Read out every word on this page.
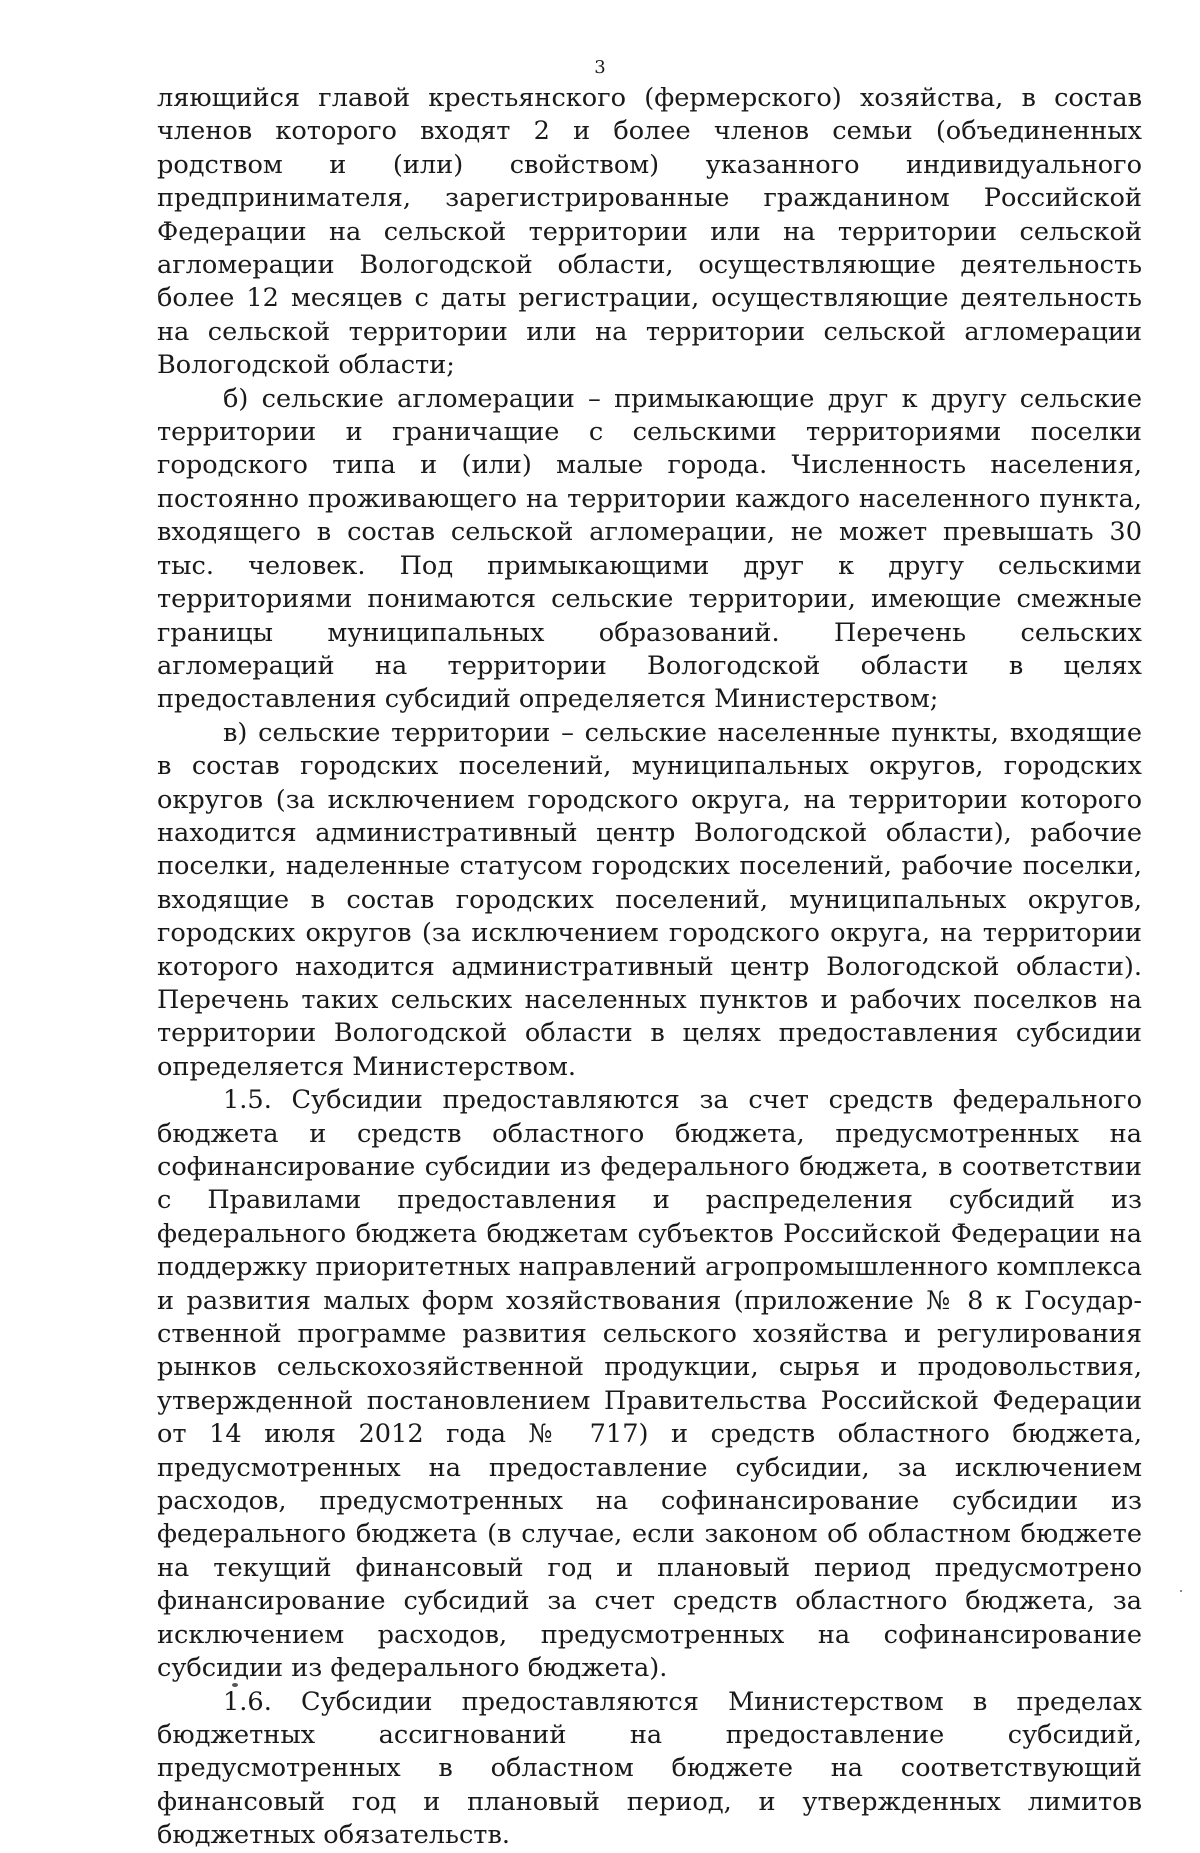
3

ляющийся главой крестьянского (фермерского) хозяйства, в состав членов которого входят 2 и более членов семьи (объединенных родством и (или) свойством) указанного индивидуального предпринимателя, зарегистрированные гражданином Российской Федерации на сельской территории или на территории сельской агломерации Вологодской области, осуществляющие деятельность более 12 месяцев с даты регистрации, осуществляющие деятельность на сельской территории или на территории сельской агломерации Вологодской области;

б) сельские агломерации – примыкающие друг к другу сельские территории и граничащие с сельскими территориями поселки городского типа и (или) малые города. Численность населения, постоянно проживающего на территории каждого населенного пункта, входящего в состав сельской агломерации, не может превышать 30 тыс. человек. Под примыкающими друг к другу сельскими территориями понимаются сельские территории, имеющие смежные границы муниципальных образований. Перечень сельских агломераций на территории Вологодской области в целях предоставления субсидий определяется Министерством;

в) сельские территории – сельские населенные пункты, входящие в состав городских поселений, муниципальных округов, городских округов (за исключением городского округа, на территории которого находится административный центр Вологодской области), рабочие поселки, наделенные статусом городских поселений, рабочие поселки, входящие в состав городских поселений, муниципальных округов, городских округов (за исключением городского округа, на территории которого находится административный центр Вологодской области). Перечень таких сельских населенных пунктов и рабочих поселков на территории Вологодской области в целях предоставления субсидии определяется Министерством.

1.5. Субсидии предоставляются за счет средств федерального бюджета и средств областного бюджета, предусмотренных на софинансирование субсидии из федерального бюджета, в соответствии с Правилами предоставления и распределения субсидий из федерального бюджета бюджетам субъектов Российской Федерации на поддержку приоритетных направлений агропромышленного комплекса и развития малых форм хозяйствования (приложение № 8 к Государственной программе развития сельского хозяйства и регулирования рынков сельскохозяйственной продукции, сырья и продовольствия, утвержденной постановлением Правительства Российской Федерации от 14 июля 2012 года № 717) и средств областного бюджета, предусмотренных на предоставление субсидии, за исключением расходов, предусмотренных на софинансирование субсидии из федерального бюджета (в случае, если законом об областном бюджете на текущий финансовый год и плановый период предусмотрено финансирование субсидий за счет средств областного бюджета, за исключением расходов, предусмотренных на софинансирование субсидии из федерального бюджета).

1.6. Субсидии предоставляются Министерством в пределах бюджетных ассигнований на предоставление субсидий, предусмотренных в областном бюджете на соответствующий финансовый год и плановый период, и утвержденных лимитов бюджетных обязательств.
